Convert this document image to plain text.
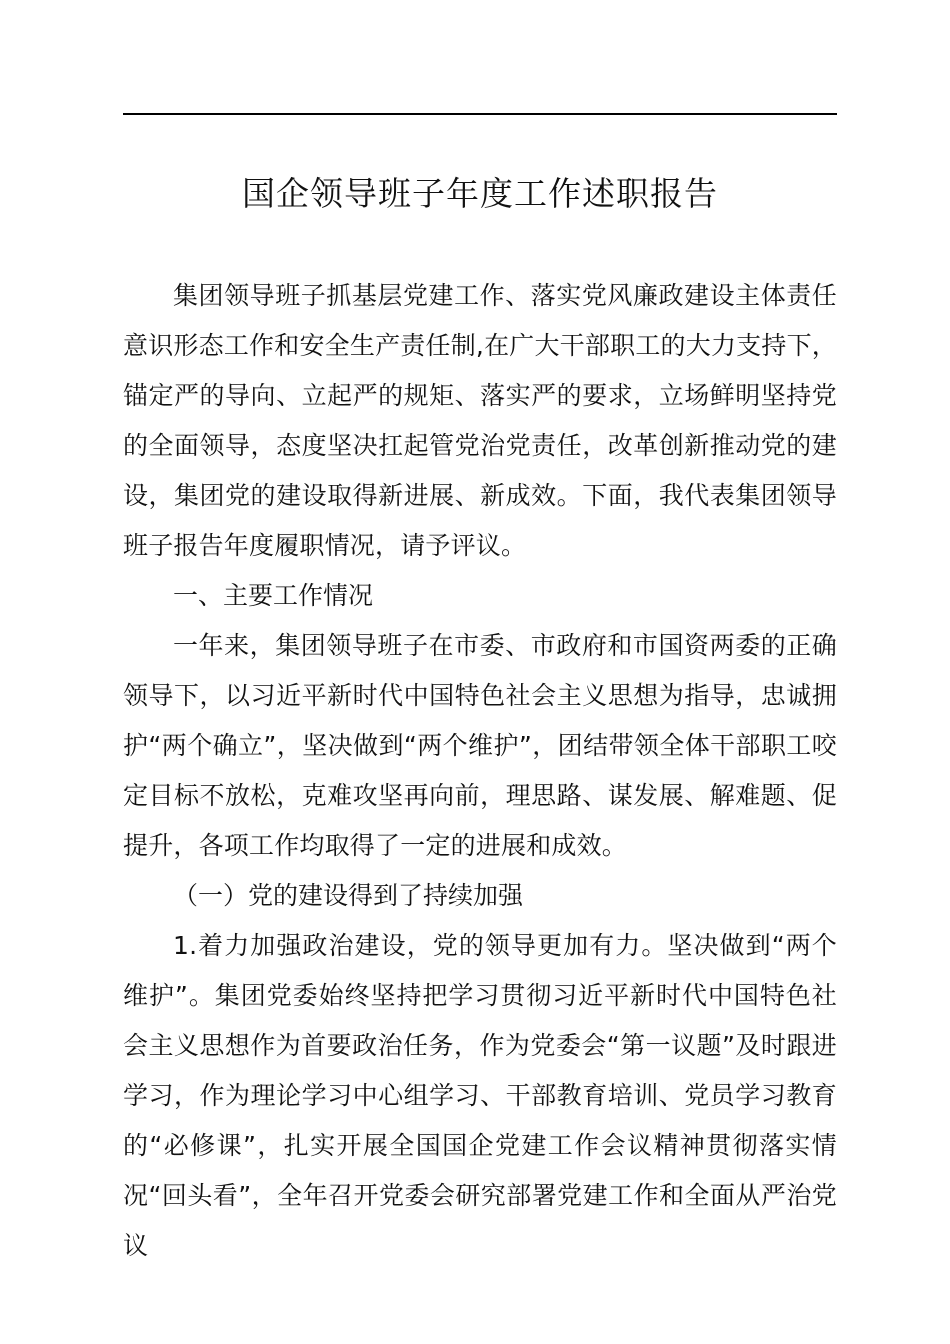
国企领导班子年度工作述职报告

集团领导班子抓基层党建工作、落实党风廉政建设主体责任意识形态工作和安全生产责任制,在广大干部职工的大力支持下，锚定严的导向、立起严的规矩、落实严的要求，立场鲜明坚持党的全面领导，态度坚决扛起管党治党责任，改革创新推动党的建设，集团党的建设取得新进展、新成效。下面，我代表集团领导班子报告年度履职情况，请予评议。

一、主要工作情况

一年来，集团领导班子在市委、市政府和市国资两委的正确领导下，以习近平新时代中国特色社会主义思想为指导，忠诚拥护“两个确立”，坚决做到“两个维护”，团结带领全体干部职工咬定目标不放松，克难攻坚再向前，理思路、谋发展、解难题、促提升，各项工作均取得了一定的进展和成效。

（一）党的建设得到了持续加强

1.着力加强政治建设，党的领导更加有力。坚决做到“两个维护”。集团党委始终坚持把学习贯彻习近平新时代中国特色社会主义思想作为首要政治任务，作为党委会“第一议题”及时跟进学习，作为理论学习中心组学习、干部教育培训、党员学习教育的“必修课”，扎实开展全国国企党建工作会议精神贯彻落实情况“回头看”，全年召开党委会研究部署党建工作和全面从严治党议
